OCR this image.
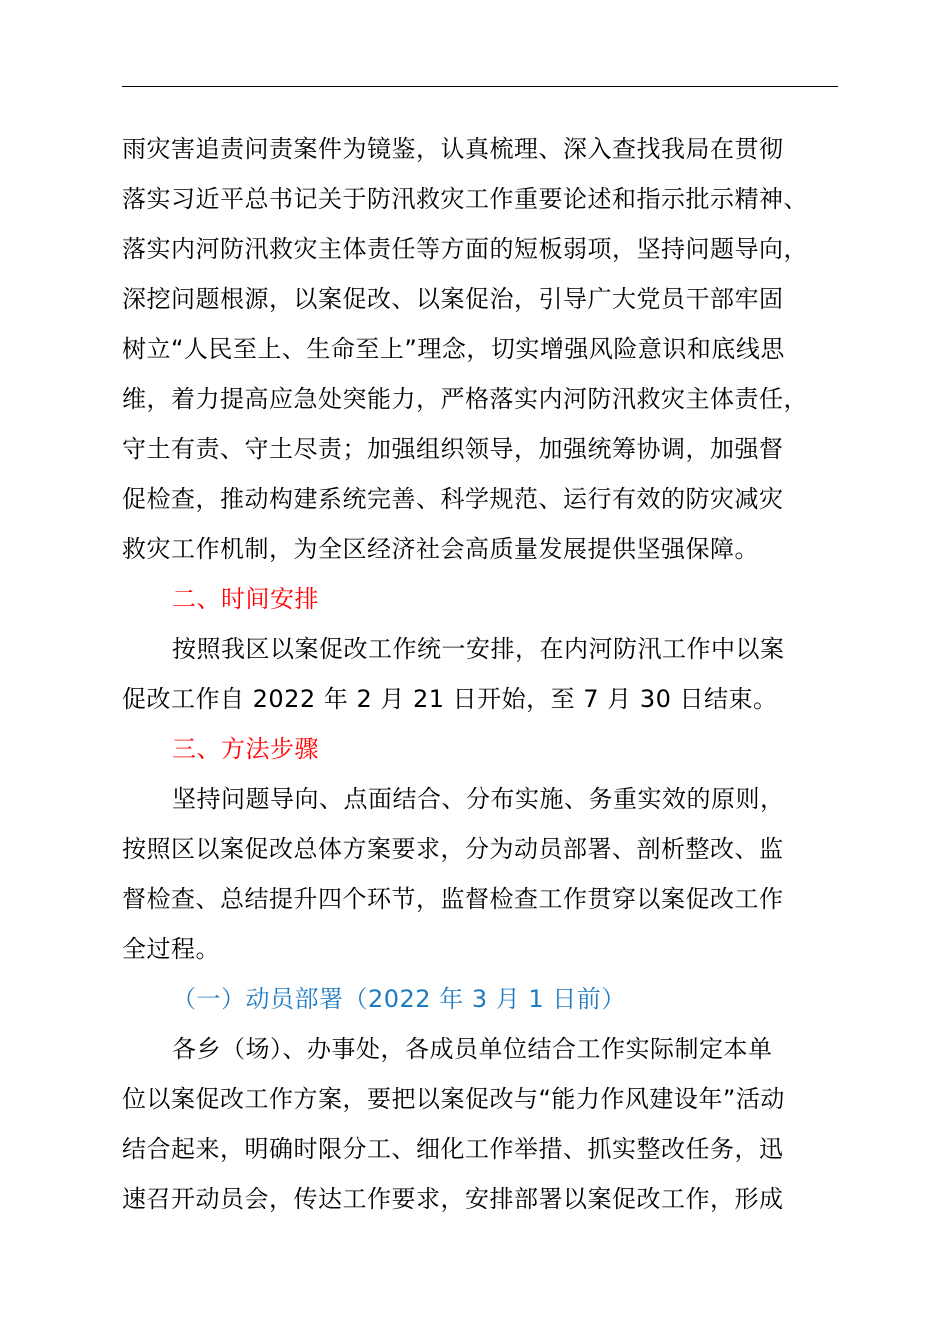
雨灾害追责问责案件为镜鉴，认真梳理、深入查找我局在贯彻
落实习近平总书记关于防汛救灾工作重要论述和指示批示精神、
落实内河防汛救灾主体责任等方面的短板弱项，坚持问题导向，
深挖问题根源，以案促改、以案促治，引导广大党员干部牢固
树立“人民至上、生命至上”理念，切实增强风险意识和底线思
维，着力提高应急处突能力，严格落实内河防汛救灾主体责任，
守土有责、守土尽责；加强组织领导，加强统筹协调，加强督
促检查，推动构建系统完善、科学规范、运行有效的防灾减灾
救灾工作机制，为全区经济社会高质量发展提供坚强保障。
二、时间安排
按照我区以案促改工作统一安排，在内河防汛工作中以案
促改工作自 2022 年 2 月 21 日开始，至 7 月 30 日结束。
三、方法步骤
坚持问题导向、点面结合、分布实施、务重实效的原则，
按照区以案促改总体方案要求，分为动员部署、剖析整改、监
督检查、总结提升四个环节，监督检查工作贯穿以案促改工作
全过程。
（一）动员部署（2022 年 3 月 1 日前）
各乡（场）、办事处，各成员单位结合工作实际制定本单
位以案促改工作方案，要把以案促改与“能力作风建设年”活动
结合起来，明确时限分工、细化工作举措、抓实整改任务，迅
速召开动员会，传达工作要求，安排部署以案促改工作，形成
